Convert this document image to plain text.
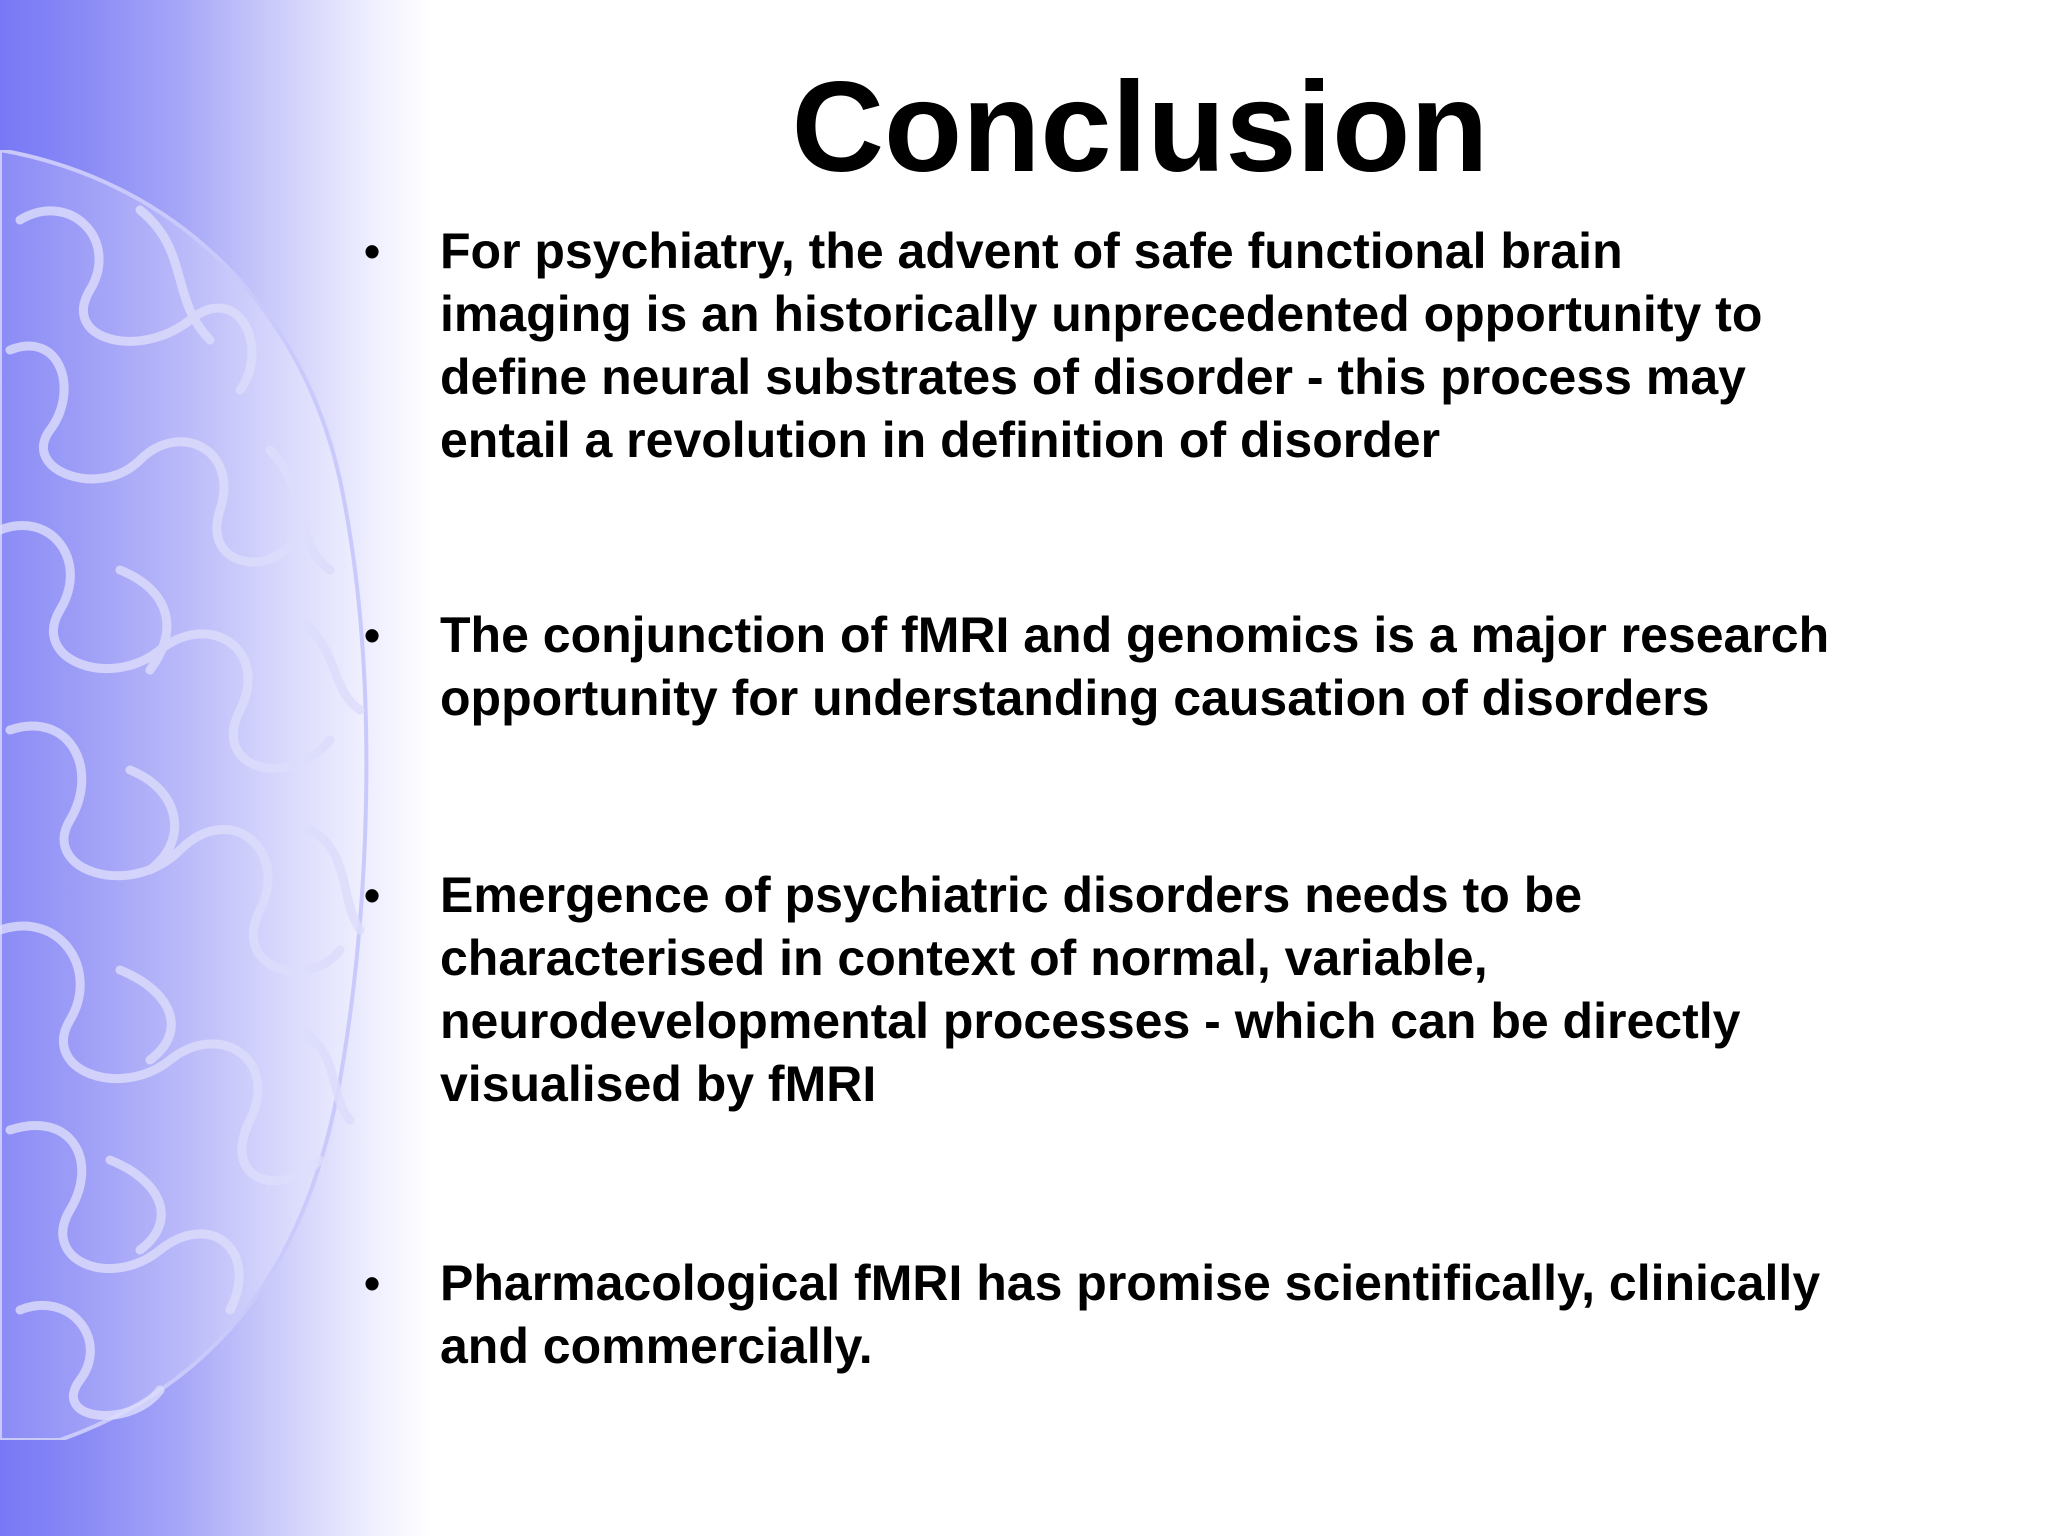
Conclusion
• For psychiatry, the advent of safe functional brain
imaging is an historically unprecedented opportunity to
define neural substrates of disorder - this process may
entail a revolution in definition of disorder
• The conjunction of fMRI and genomics is a major research
opportunity for understanding causation of disorders
• Emergence of psychiatric disorders needs to be
characterised in context of normal, variable,
neurodevelopmental processes - which can be directly
visualised by fMRI
• Pharmacological fMRI has promise scientifically, clinically
and commercially.
